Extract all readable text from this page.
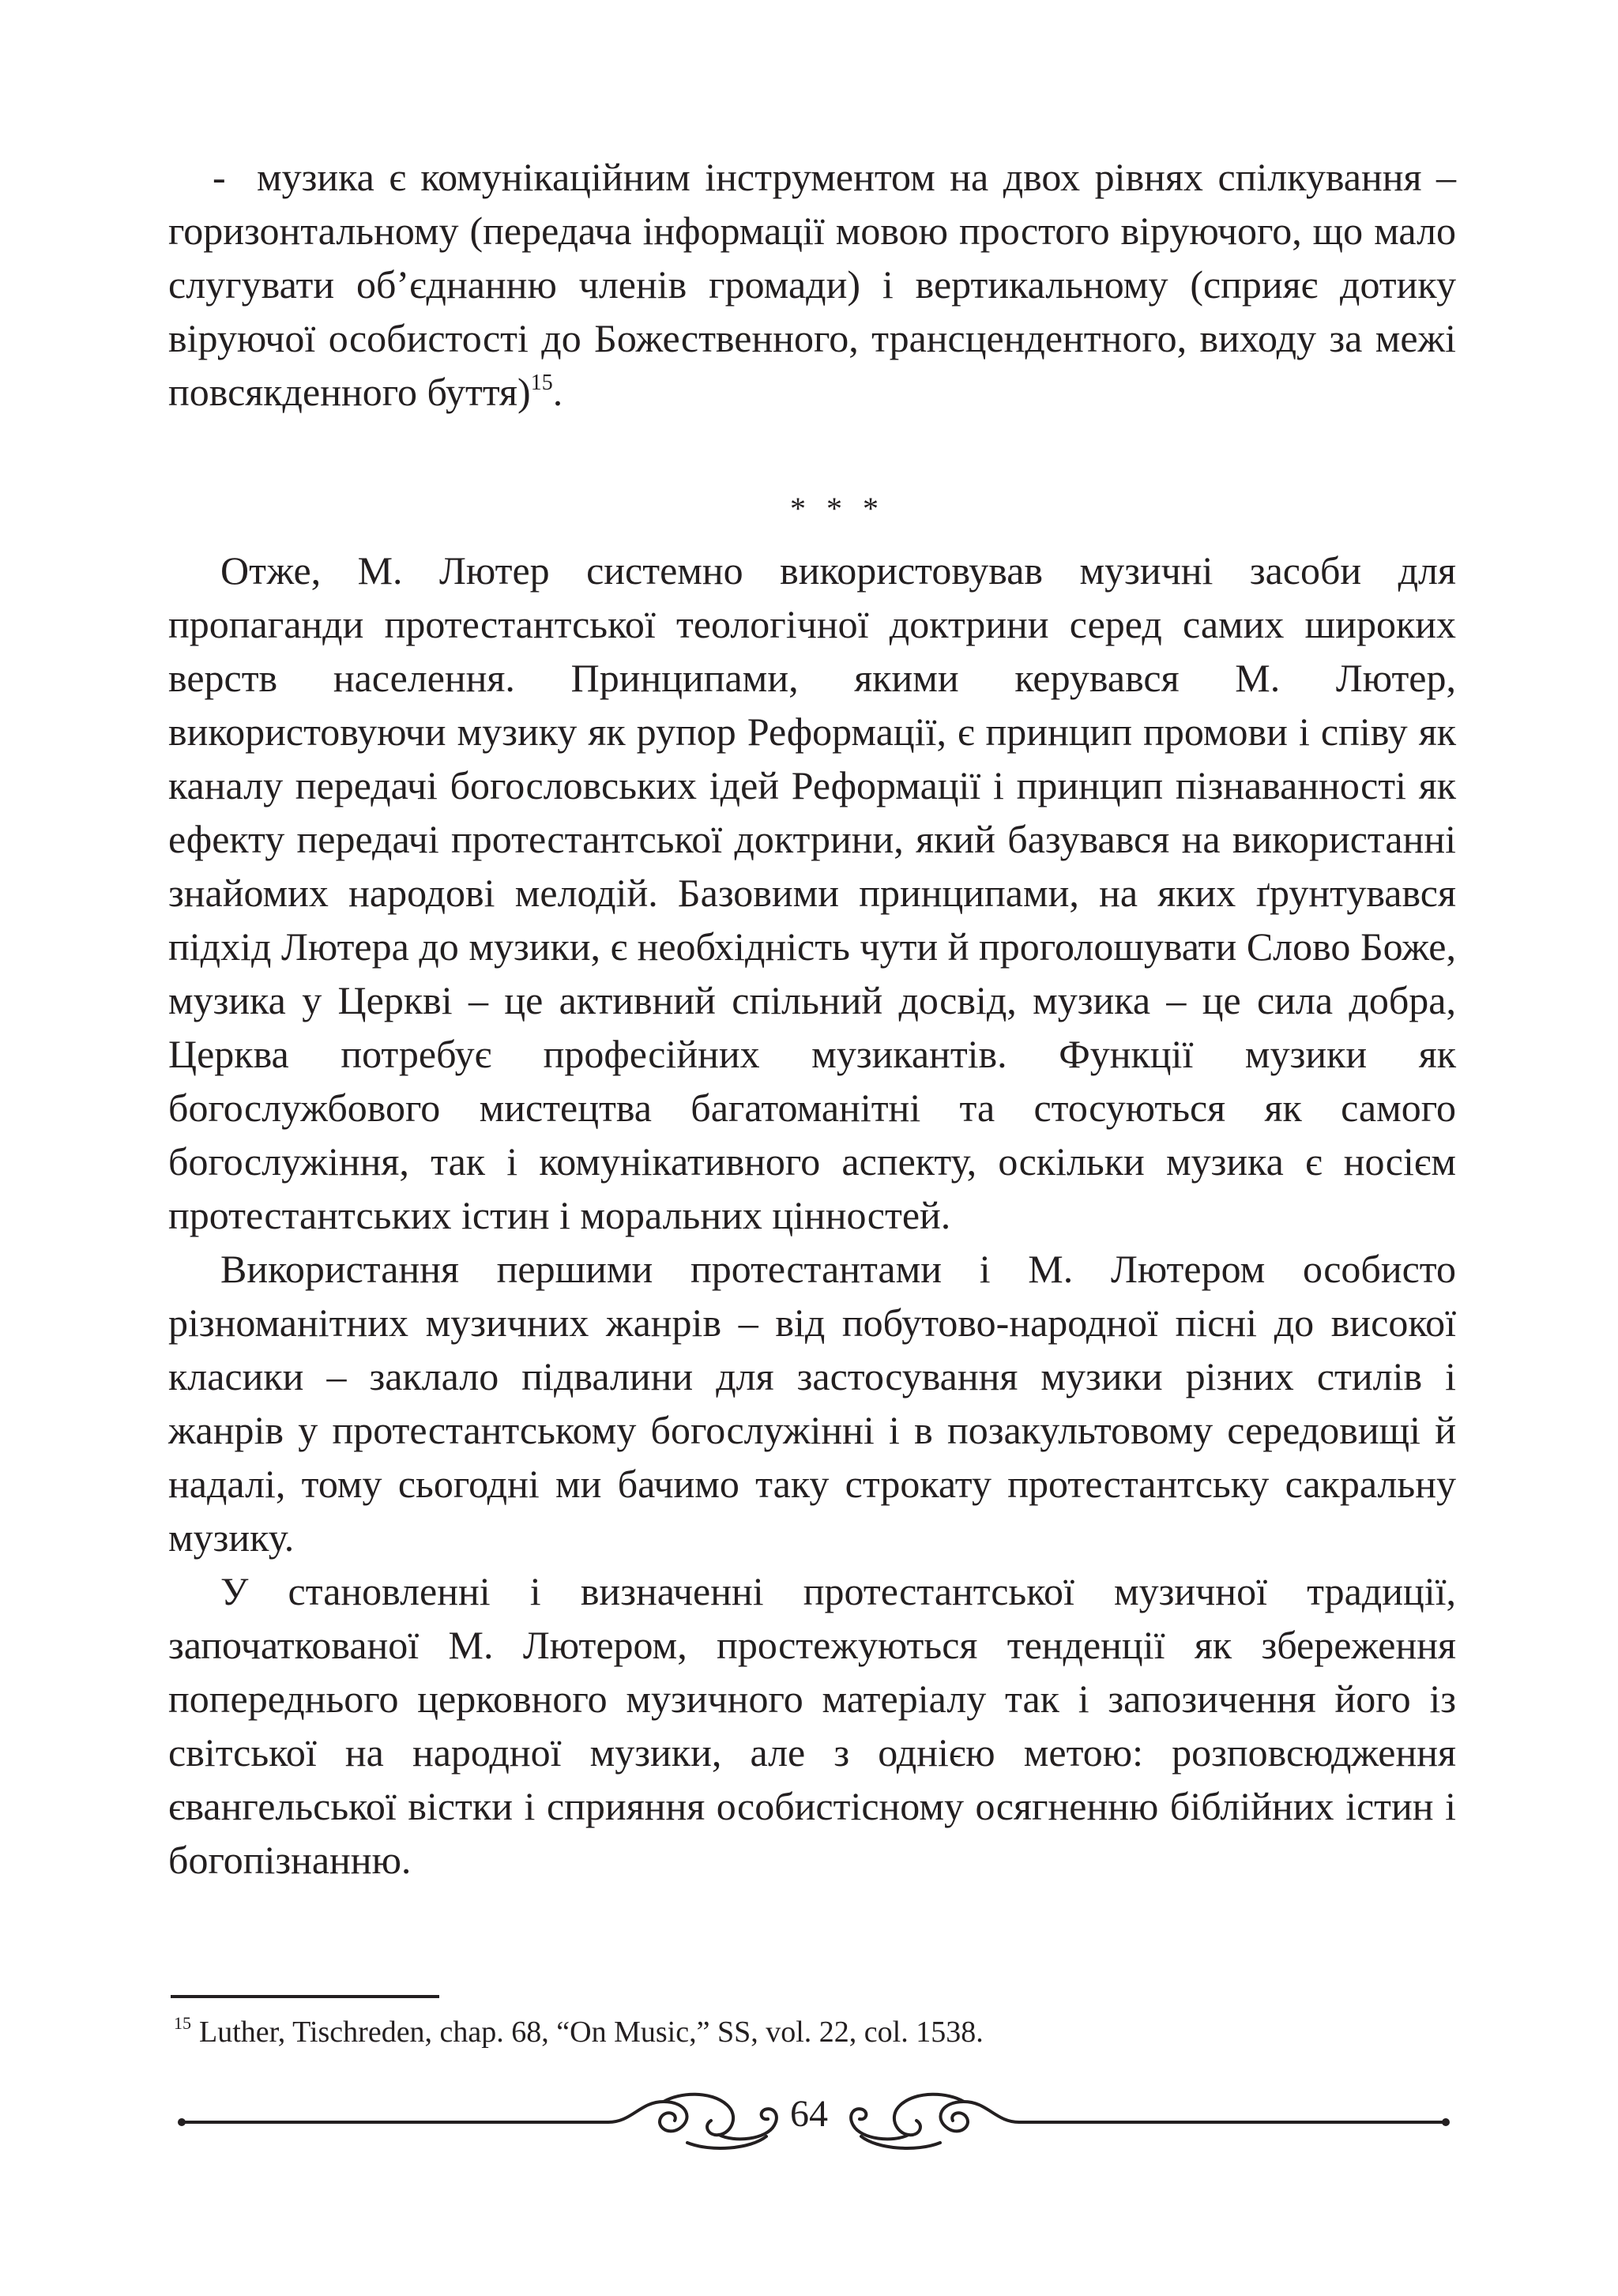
- музика є комунікаційним інструментом на двох рівнях спілкування – горизонтальному (передача інформації мовою простого віруючого, що мало слугувати об’єднанню членів громади) і вертикальному (сприяє дотику віруючої особистості до Божественного, трансцендентного, виходу за межі повсякденного буття)$^{15}$.

* * *

Отже, М. Лютер системно використовував музичні засоби для пропаганди протестантської теологічної доктрини серед самих широких верств населення. Принципами, якими керувався М. Лютер, використовуючи музику як рупор Реформації, є принцип промови і співу як каналу передачі богословських ідей Реформації і принцип пізнаванності як ефекту передачі протестантської доктрини, який базувався на використанні знайомих народові мелодій. Базовими принципами, на яких ґрунтувався підхід Лютера до музики, є необхідність чути й проголошувати Слово Боже, музика у Церкві – це активний спільний досвід, музика – це сила добра, Церква потребує професійних музикантів. Функції музики як богослужбового мистецтва багатоманітні та стосуються як самого богослужіння, так і комунікативного аспекту, оскільки музика є носієм протестантських істин і моральних цінностей.

Використання першими протестантами і М. Лютером особисто різноманітних музичних жанрів – від побутово-народної пісні до високої класики – заклало підвалини для застосування музики різних стилів і жанрів у протестантському богослужінні і в позакультовому середовищі й надалі, тому сьогодні ми бачимо таку строкату протестантську сакральну музику.

У становленні і визначенні протестантської музичної традиції, започаткованої М. Лютером, простежуються тенденції як збереження попереднього церковного музичного матеріалу так і запозичення його із світської на народної музики, але з однією метою: розповсюдження євангельської вістки і сприяння особистісному осягненню біблійних істин і богопізнанню.

$^{15}$ Luther, Tischreden, chap. 68, “On Music,” SS, vol. 22, col. 1538.
64
